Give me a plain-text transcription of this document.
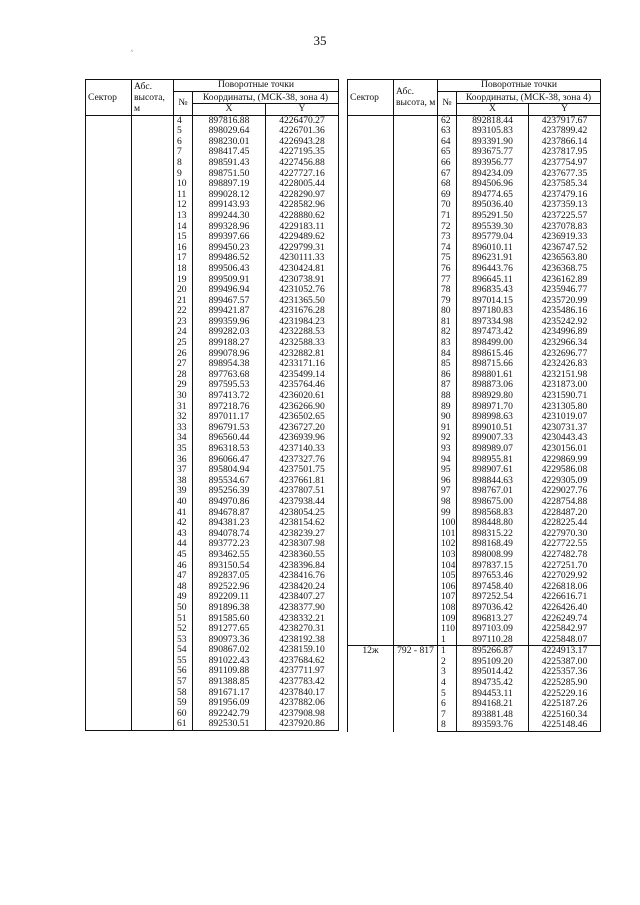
35
˛
Сектор	Абс. высота, м	Поворотные точки		
		№	Координаты, (МСК-38, зона 4)	
			X	Y
		4	897816.88	4226470.27
		5	898029.64	4226701.36
		6	898230.01	4226943.28
		7	898417.45	4227195.35
		8	898591.43	4227456.88
		9	898751.50	4227727.16
		10	898897.19	4228005.44
		11	899028.12	4228290.97
		12	899143.93	4228582.96
		13	899244.30	4228880.62
		14	899328.96	4229183.11
		15	899397.66	4229489.62
		16	899450.23	4229799.31
		17	899486.52	4230111.33
		18	899506.43	4230424.81
		19	899509.91	4230738.91
		20	899496.94	4231052.76
		21	899467.57	4231365.50
		22	899421.87	4231676.28
		23	899359.96	4231984.23
		24	899282.03	4232288.53
		25	899188.27	4232588.33
		26	899078.96	4232882.81
		27	898954.38	4233171.16
		28	897763.68	4235499.14
		29	897595.53	4235764.46
		30	897413.72	4236020.61
		31	897218.76	4236266.90
		32	897011.17	4236502.65
		33	896791.53	4236727.20
		34	896560.44	4236939.96
		35	896318.53	4237140.33
		36	896066.47	4237327.76
		37	895804.94	4237501.75
		38	895534.67	4237661.81
		39	895256.39	4237807.51
		40	894970.86	4237938.44
		41	894678.87	4238054.25
		42	894381.23	4238154.62
		43	894078.74	4238239.27
		44	893772.23	4238307.98
		45	893462.55	4238360.55
		46	893150.54	4238396.84
		47	892837.05	4238416.76
		48	892522.96	4238420.24
		49	892209.11	4238407.27
		50	891896.38	4238377.90
		51	891585.60	4238332.21
		52	891277.65	4238270.31
		53	890973.36	4238192.38
		54	890867.02	4238159.10
		55	891022.43	4237684.62
		56	891109.88	4237711.97
		57	891388.85	4237783.42
		58	891671.17	4237840.17
		59	891956.09	4237882.06
		60	892242.79	4237908.98
		61	892530.51	4237920.86
Сектор	Абс. высота, м	Поворотные точки		
		№	Координаты, (МСК-38, зона 4)	
			X	Y
		62	892818.44	4237917.67
		63	893105.83	4237899.42
		64	893391.90	4237866.14
		65	893675.77	4237817.95
		66	893956.77	4237754.97
		67	894234.09	4237677.35
		68	894506.96	4237585.34
		69	894774.65	4237479.16
		70	895036.40	4237359.13
		71	895291.50	4237225.57
		72	895539.30	4237078.83
		73	895779.04	4236919.33
		74	896010.11	4236747.52
		75	896231.91	4236563.80
		76	896443.76	4236368.75
		77	896645.11	4236162.89
		78	896835.43	4235946.77
		79	897014.15	4235720.99
		80	897180.83	4235486.16
		81	897334.98	4235242.92
		82	897473.42	4234996.89
		83	898499.00	4232966.34
		84	898615.46	4232696.77
		85	898715.66	4232426.83
		86	898801.61	4232151.98
		87	898873.06	4231873.00
		88	898929.80	4231590.71
		89	898971.70	4231305.80
		90	898998.63	4231019.07
		91	899010.51	4230731.37
		92	899007.33	4230443.43
		93	898989.07	4230156.01
		94	898955.81	4229869.99
		95	898907.61	4229586.08
		96	898844.63	4229305.09
		97	898767.01	4229027.76
		98	898675.00	4228754.88
		99	898568.83	4228487.20
		100	898448.80	4228225.44
		101	898315.22	4227970.30
		102	898168.49	4227722.55
		103	898008.99	4227482.78
		104	897837.15	4227251.70
		105	897653.46	4227029.92
		106	897458.40	4226818.06
		107	897252.54	4226616.71
		108	897036.42	4226426.40
		109	896813.27	4226249.74
		110	897103.09	4225842.97
		1	897110.28	4225848.07
12ж	792 - 817	1	895266.87	4224913.17
		2	895109.20	4225387.00
		3	895014.42	4225357.36
		4	894735.42	4225285.90
		5	894453.11	4225229.16
		6	894168.21	4225187.26
		7	893881.48	4225160.34
		8	893593.76	4225148.46
